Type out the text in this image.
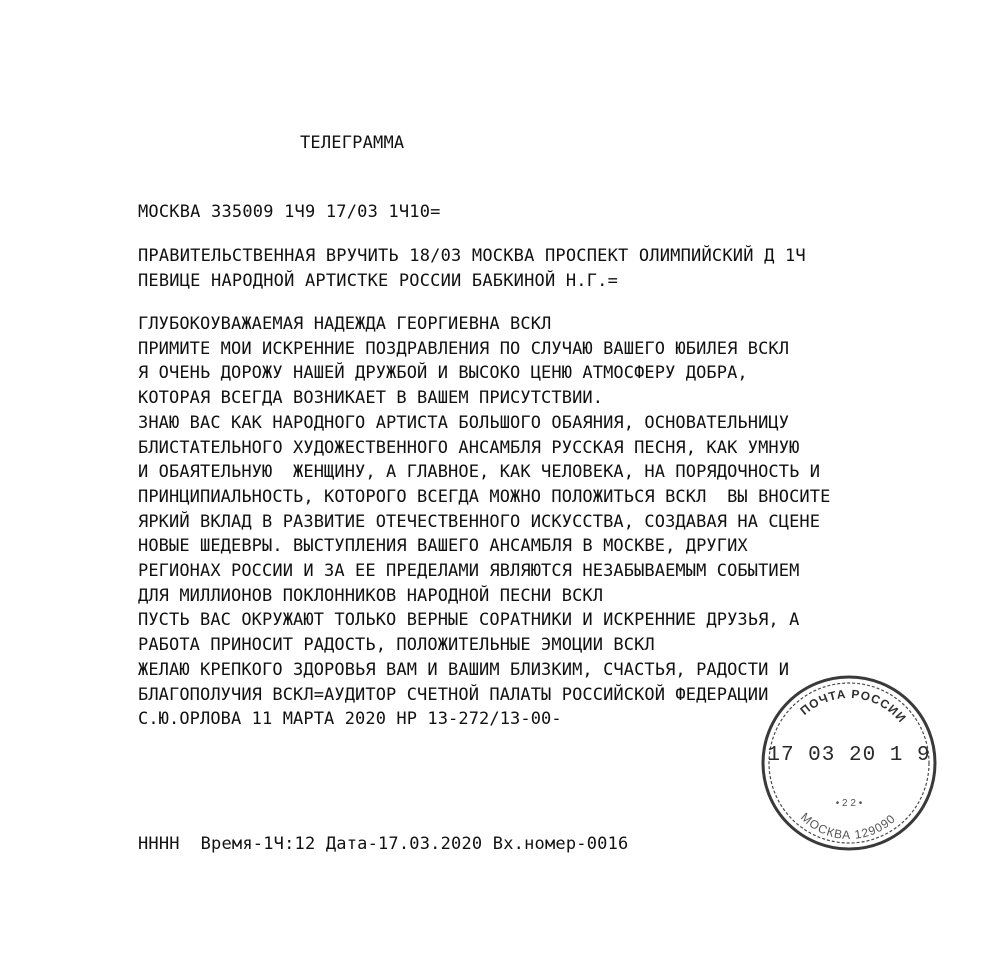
ТЕЛЕГРАММА
МОСКВА 335009 1Ч9 17/03 1Ч10=
ПРАВИТЕЛЬСТВЕННАЯ ВРУЧИТЬ 18/03 МОСКВА ПРОСПЕКТ ОЛИМПИЙСКИЙ Д 1Ч
ПЕВИЦЕ НАРОДНОЙ АРТИСТКЕ РОССИИ БАБКИНОЙ Н.Г.=
ГЛУБОКОУВАЖАЕМАЯ НАДЕЖДА ГЕОРГИЕВНА ВСКЛ
ПРИМИТЕ МОИ ИСКРЕННИЕ ПОЗДРАВЛЕНИЯ ПО СЛУЧАЮ ВАШЕГО ЮБИЛЕЯ ВСКЛ
Я ОЧЕНЬ ДОРОЖУ НАШЕЙ ДРУЖБОЙ И ВЫСОКО ЦЕНЮ АТМОСФЕРУ ДОБРА,
КОТОРАЯ ВСЕГДА ВОЗНИКАЕТ В ВАШЕМ ПРИСУТСТВИИ.
ЗНАЮ ВАС КАК НАРОДНОГО АРТИСТА БОЛЬШОГО ОБАЯНИЯ, ОСНОВАТЕЛЬНИЦУ
БЛИСТАТЕЛЬНОГО ХУДОЖЕСТВЕННОГО АНСАМБЛЯ РУССКАЯ ПЕСНЯ, КАК УМНУЮ
И ОБАЯТЕЛЬНУЮ  ЖЕНЩИНУ, А ГЛАВНОЕ, КАК ЧЕЛОВЕКА, НА ПОРЯДОЧНОСТЬ И
ПРИНЦИПИАЛЬНОСТЬ, КОТОРОГО ВСЕГДА МОЖНО ПОЛОЖИТЬСЯ ВСКЛ  ВЫ ВНОСИТЕ
ЯРКИЙ ВКЛАД В РАЗВИТИЕ ОТЕЧЕСТВЕННОГО ИСКУССТВА, СОЗДАВАЯ НА СЦЕНЕ
НОВЫЕ ШЕДЕВРЫ. ВЫСТУПЛЕНИЯ ВАШЕГО АНСАМБЛЯ В МОСКВЕ, ДРУГИХ
РЕГИОНАХ РОССИИ И ЗА ЕЕ ПРЕДЕЛАМИ ЯВЛЯЮТСЯ НЕЗАБЫВАЕМЫМ СОБЫТИЕМ
ДЛЯ МИЛЛИОНОВ ПОКЛОННИКОВ НАРОДНОЙ ПЕСНИ ВСКЛ
ПУСТЬ ВАС ОКРУЖАЮТ ТОЛЬКО ВЕРНЫЕ СОРАТНИКИ И ИСКРЕННИЕ ДРУЗЬЯ, А
РАБОТА ПРИНОСИТ РАДОСТЬ, ПОЛОЖИТЕЛЬНЫЕ ЭМОЦИИ ВСКЛ
ЖЕЛАЮ КРЕПКОГО ЗДОРОВЬЯ ВАМ И ВАШИМ БЛИЗКИМ, СЧАСТЬЯ, РАДОСТИ И
БЛАГОПОЛУЧИЯ ВСКЛ=АУДИТОР СЧЕТНОЙ ПАЛАТЫ РОССИЙСКОЙ ФЕДЕРАЦИИ
С.Ю.ОРЛОВА 11 МАРТА 2020 НР 13-272/13-00-
НННН  Время-1Ч:12 Дата-17.03.2020 Вх.номер-0016
ПОЧТА РОССИИ
МОСКВА 129090
17 03 20 1 9
• 2 2 •
